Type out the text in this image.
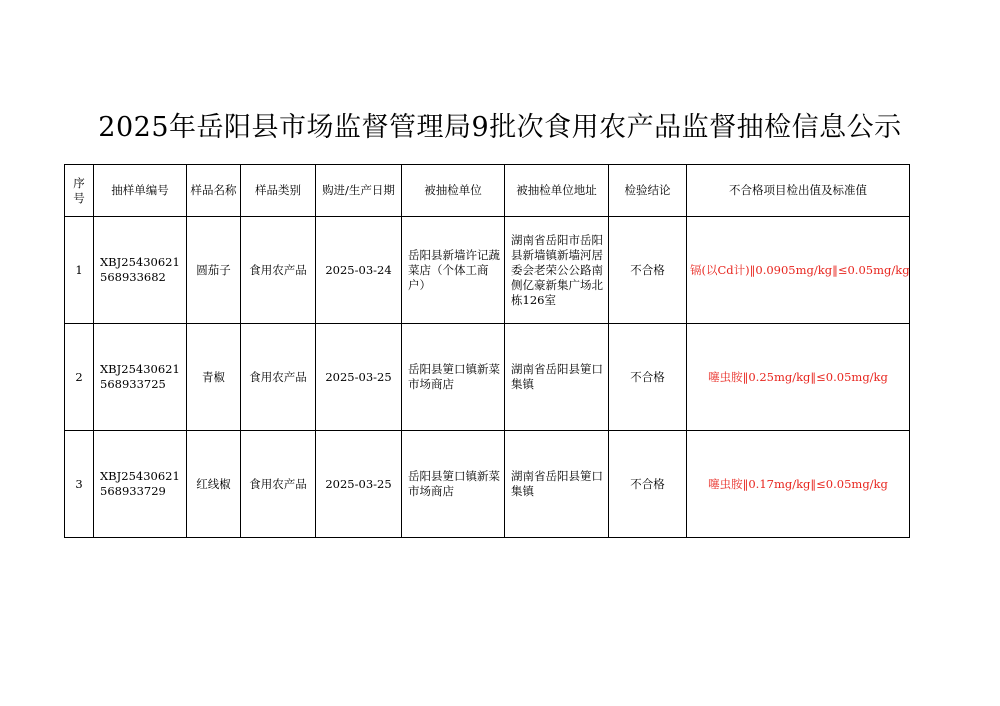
2025年岳阳县市场监督管理局9批次食用农产品监督抽检信息公示
序号	抽样单编号	样品名称	样品类别	购进/生产日期	被抽检单位	被抽检单位地址	检验结论	不合格项目检出值及标准值
1	XBJ25430621568933682	圆茄子	食用农产品	2025-03-24	岳阳县新墙许记蔬菜店（个体工商户）	湖南省岳阳市岳阳县新墙镇新墙河居委会老荣公公路南侧亿豪新集广场北栋126室	不合格	镉(以Cd计)‖0.0905mg/kg‖≤0.05mg/kg
2	XBJ25430621568933725	青椒	食用农产品	2025-03-25	岳阳县筻口镇新菜市场商店	湖南省岳阳县筻口集镇	不合格	噻虫胺‖0.25mg/kg‖≤0.05mg/kg
3	XBJ25430621568933729	红线椒	食用农产品	2025-03-25	岳阳县筻口镇新菜市场商店	湖南省岳阳县筻口集镇	不合格	噻虫胺‖0.17mg/kg‖≤0.05mg/kg
